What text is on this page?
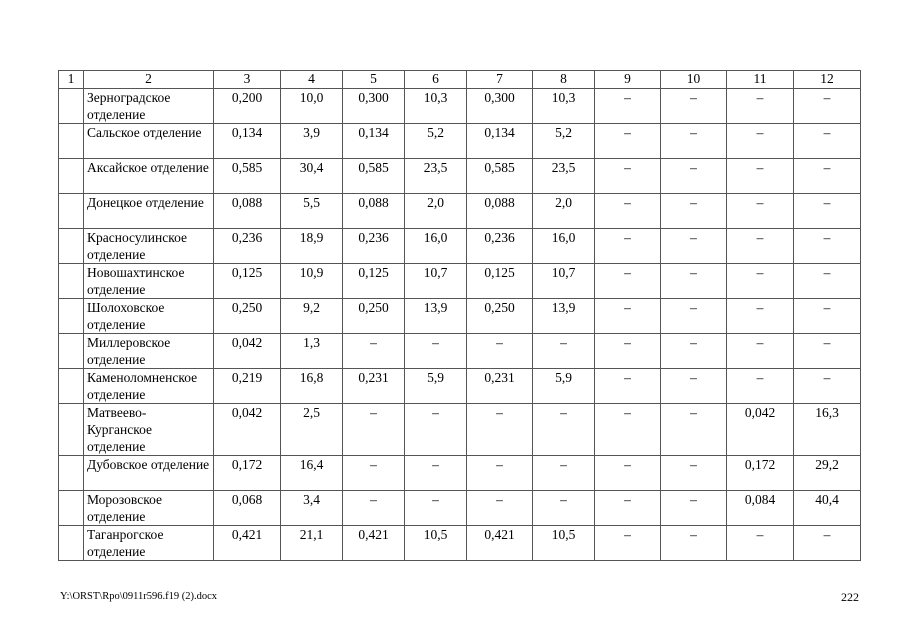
1	2	3	4	5	6	7	8	9	10	11	12
	Зерноградское отделение	0,200	10,0	0,300	10,3	0,300	10,3	–	–	–	–
	Сальское отделение	0,134	3,9	0,134	5,2	0,134	5,2	–	–	–	–
	Аксайское отделение	0,585	30,4	0,585	23,5	0,585	23,5	–	–	–	–
	Донецкое отделение	0,088	5,5	0,088	2,0	0,088	2,0	–	–	–	–
	Красносулинское отделение	0,236	18,9	0,236	16,0	0,236	16,0	–	–	–	–
	Новошахтинское отделение	0,125	10,9	0,125	10,7	0,125	10,7	–	–	–	–
	Шолоховское отделение	0,250	9,2	0,250	13,9	0,250	13,9	–	–	–	–
	Миллеровское отделение	0,042	1,3	–	–	–	–	–	–	–	–
	Каменоломненское отделение	0,219	16,8	0,231	5,9	0,231	5,9	–	–	–	–
	Матвеево-Курганское отделение	0,042	2,5	–	–	–	–	–	–	0,042	16,3
	Дубовское отделение	0,172	16,4	–	–	–	–	–	–	0,172	29,2
	Морозовское отделение	0,068	3,4	–	–	–	–	–	–	0,084	40,4
	Таганрогское отделение	0,421	21,1	0,421	10,5	0,421	10,5	–	–	–	–
Y:\ORST\Rpo\0911r596.f19 (2).docx	222
